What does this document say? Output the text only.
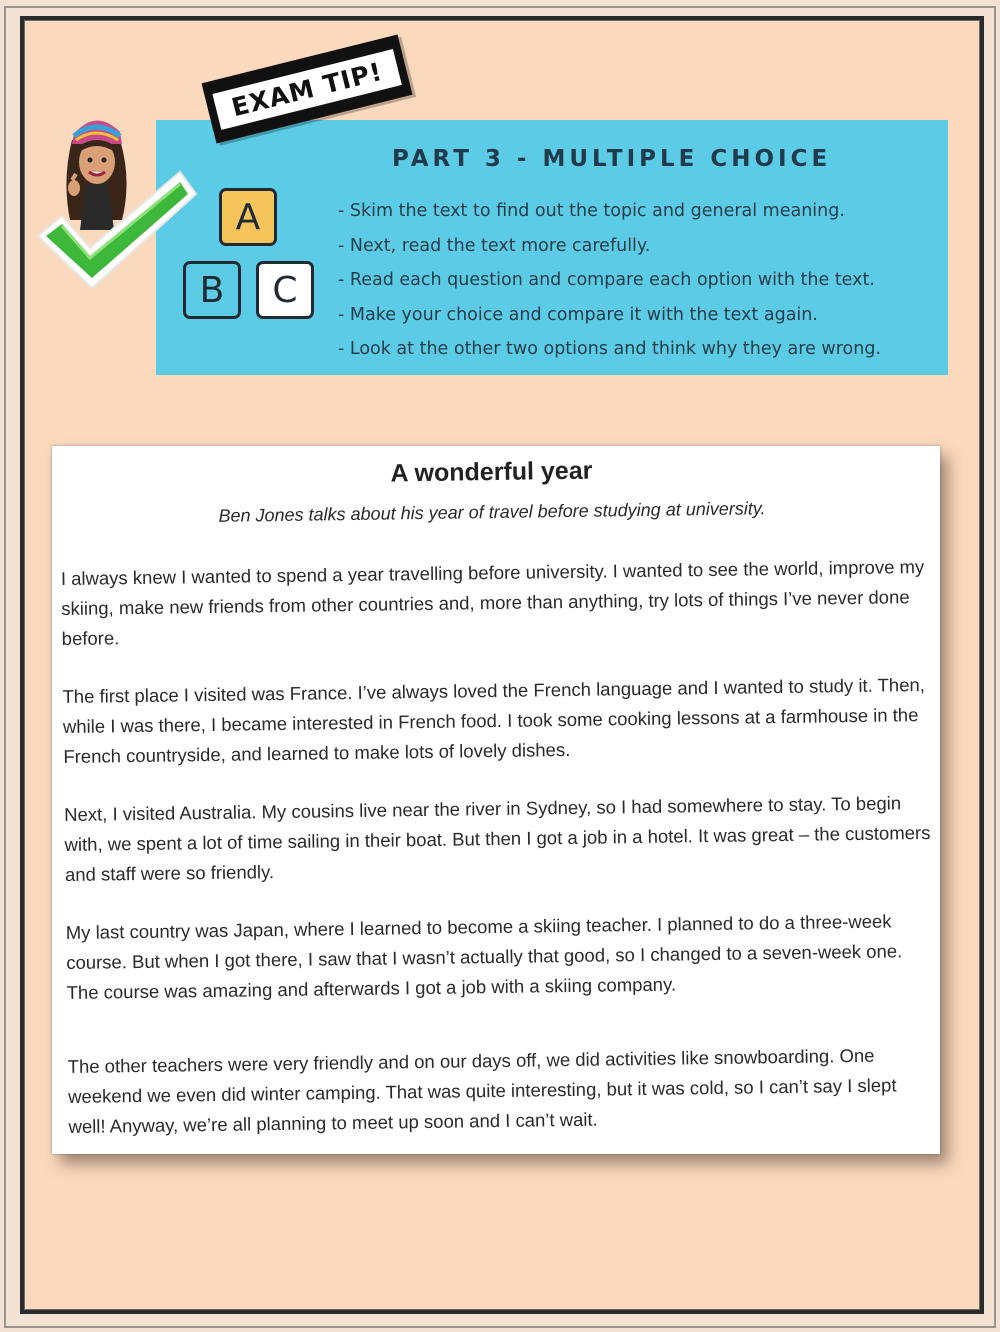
PART 3 - MULTIPLE CHOICE
A
B C
- Skim the text to find out the topic and general meaning.
- Next, read the text more carefully.
- Read each question and compare each option with the text.
- Make your choice and compare it with the text again.
- Look at the other two options and think why they are wrong.
EXAM TIP!
A wonderful year
Ben Jones talks about his year of travel before studying at university.

I always knew I wanted to spend a year travelling before university. I wanted to see the world, improve my skiing, make new friends from other countries and, more than anything, try lots of things I’ve never done before.

The first place I visited was France. I’ve always loved the French language and I wanted to study it. Then, while I was there, I became interested in French food. I took some cooking lessons at a farmhouse in the French countryside, and learned to make lots of lovely dishes.

Next, I visited Australia. My cousins live near the river in Sydney, so I had somewhere to stay. To begin with, we spent a lot of time sailing in their boat. But then I got a job in a hotel. It was great – the customers and staff were so friendly.

My last country was Japan, where I learned to become a skiing teacher. I planned to do a three-week course. But when I got there, I saw that I wasn’t actually that good, so I changed to a seven-week one. The course was amazing and afterwards I got a job with a skiing company.

The other teachers were very friendly and on our days off, we did activities like snowboarding. One weekend we even did winter camping. That was quite interesting, but it was cold, so I can’t say I slept well! Anyway, we’re all planning to meet up soon and I can’t wait.
